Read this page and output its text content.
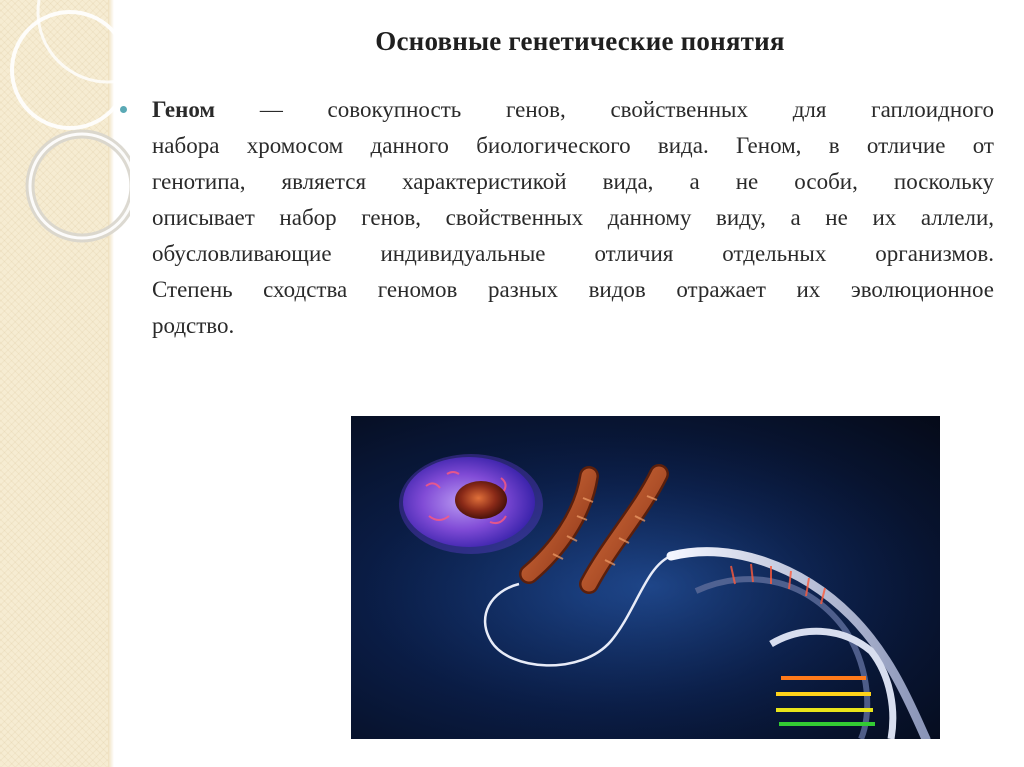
Основные генетические понятия
Геном — совокупность генов, свойственных для гаплоидного
набора хромосом данного биологического вида. Геном, в отличие от
генотипа, является характеристикой вида, а не особи, поскольку
описывает набор генов, свойственных данному виду, а не их аллели,
обусловливающие индивидуальные отличия отдельных организмов.
Степень сходства геномов разных видов отражает их эволюционное
родство.
